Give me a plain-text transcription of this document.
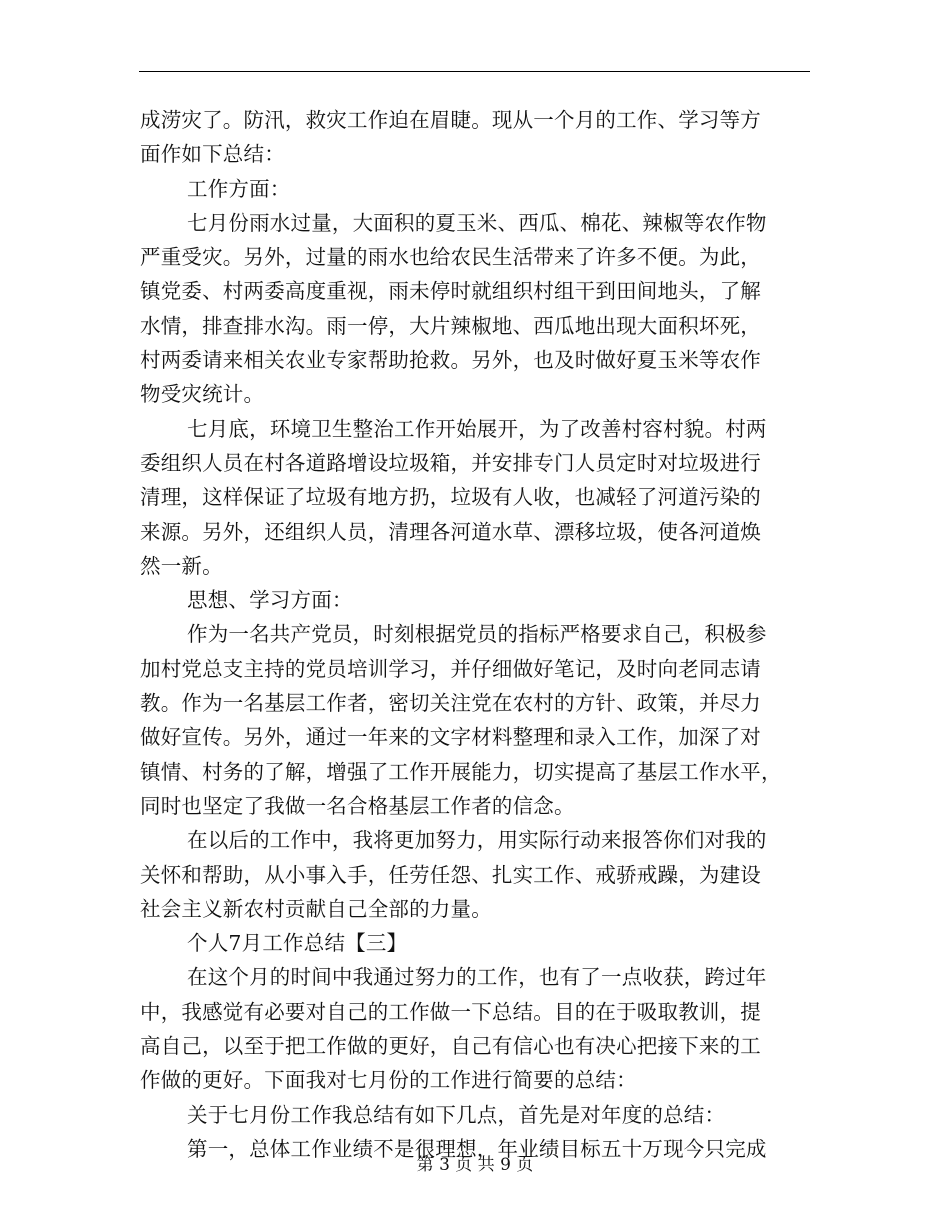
成涝灾了。防汛，救灾工作迫在眉睫。现从一个月的工作、学习等方
面作如下总结：
工作方面：
七月份雨水过量，大面积的夏玉米、西瓜、棉花、辣椒等农作物
严重受灾。另外，过量的雨水也给农民生活带来了许多不便。为此，
镇党委、村两委高度重视，雨未停时就组织村组干到田间地头，了解
水情，排查排水沟。雨一停，大片辣椒地、西瓜地出现大面积坏死，
村两委请来相关农业专家帮助抢救。另外，也及时做好夏玉米等农作
物受灾统计。
七月底，环境卫生整治工作开始展开，为了改善村容村貌。村两
委组织人员在村各道路增设垃圾箱，并安排专门人员定时对垃圾进行
清理，这样保证了垃圾有地方扔，垃圾有人收，也减轻了河道污染的
来源。另外，还组织人员，清理各河道水草、漂移垃圾，使各河道焕
然一新。
思想、学习方面：
作为一名共产党员，时刻根据党员的指标严格要求自己，积极参
加村党总支主持的党员培训学习，并仔细做好笔记，及时向老同志请
教。作为一名基层工作者，密切关注党在农村的方针、政策，并尽力
做好宣传。另外，通过一年来的文字材料整理和录入工作，加深了对
镇情、村务的了解，增强了工作开展能力，切实提高了基层工作水平，
同时也坚定了我做一名合格基层工作者的信念。
在以后的工作中，我将更加努力，用实际行动来报答你们对我的
关怀和帮助，从小事入手，任劳任怨、扎实工作、戒骄戒躁，为建设
社会主义新农村贡献自己全部的力量。
个人7月工作总结【三】
在这个月的时间中我通过努力的工作，也有了一点收获，跨过年
中，我感觉有必要对自己的工作做一下总结。目的在于吸取教训，提
高自己，以至于把工作做的更好，自己有信心也有决心把接下来的工
作做的更好。下面我对七月份的工作进行简要的总结：
关于七月份工作我总结有如下几点，首先是对年度的总结：
第一，总体工作业绩不是很理想，年业绩目标五十万现今只完成
第 3 页 共 9 页
